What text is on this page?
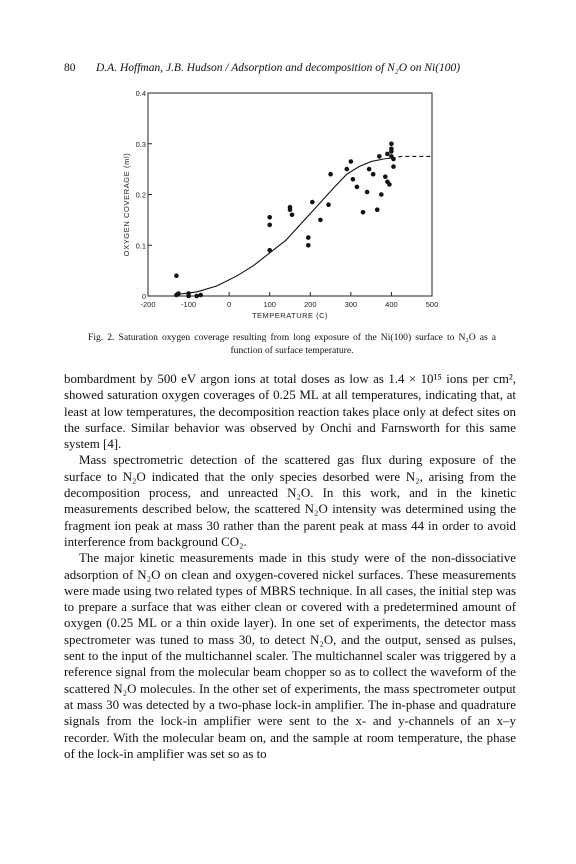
80 D.A. Hoffman, J.B. Hudson / Adsorption and decomposition of N₂O on Ni(100)
-200	-100	0	100	200	300	400	500
0
0.1
0.2
0.3
0.4
TEMPERATURE (C)
OXYGEN COVERAGE (ml)
Fig. 2. Saturation oxygen coverage resulting from long exposure of the Ni(100) surface to N₂O as a function of surface temperature.

bombardment by 500 eV argon ions at total doses as low as 1.4 × 10¹⁵ ions per cm², showed saturation oxygen coverages of 0.25 ML at all temperatures, indicating that, at least at low temperatures, the decomposition reaction takes place only at defect sites on the surface. Similar behavior was observed by Onchi and Farnsworth for this same system [4].

Mass spectrometric detection of the scattered gas flux during exposure of the surface to N₂O indicated that the only species desorbed were N₂, arising from the decomposition process, and unreacted N₂O. In this work, and in the kinetic measurements described below, the scattered N₂O intensity was determined using the fragment ion peak at mass 30 rather than the parent peak at mass 44 in order to avoid interference from background CO₂.

The major kinetic measurements made in this study were of the non-dissociative adsorption of N₂O on clean and oxygen-covered nickel surfaces. These measurements were made using two related types of MBRS technique. In all cases, the initial step was to prepare a surface that was either clean or covered with a predetermined amount of oxygen (0.25 ML or a thin oxide layer). In one set of experiments, the detector mass spectrometer was tuned to mass 30, to detect N₂O, and the output, sensed as pulses, sent to the input of the multichannel scaler. The multichannel scaler was triggered by a reference signal from the molecular beam chopper so as to collect the waveform of the scattered N₂O molecules. In the other set of experiments, the mass spectrometer output at mass 30 was detected by a two-phase lock-in amplifier. The in-phase and quadrature signals from the lock-in amplifier were sent to the x- and y-channels of an x–y recorder. With the molecular beam on, and the sample at room temperature, the phase of the lock-in amplifier was set so as to
